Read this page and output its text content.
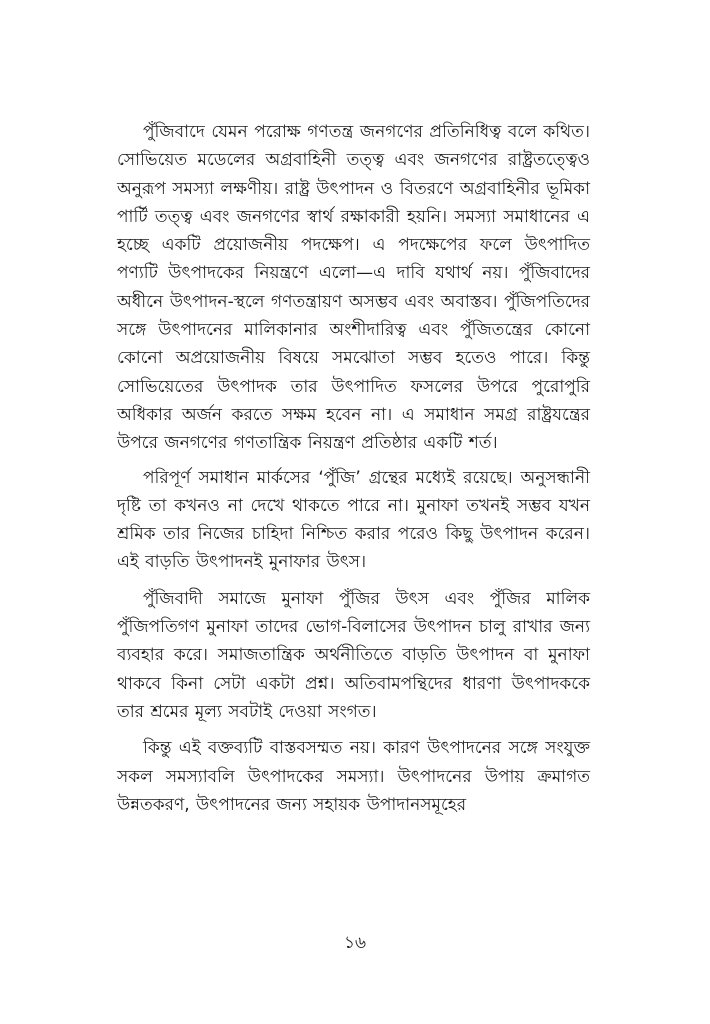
পুঁজিবাদে যেমন পরোক্ষ গণতন্ত্র জনগণের প্রতিনিধিত্ব বলে কথিত। সোভিয়েত মডেলের অগ্রবাহিনী তত্ত্ব এবং জনগণের রাষ্ট্রতত্ত্বেও অনুরূপ সমস্যা লক্ষণীয়। রাষ্ট্র উৎপাদন ও বিতরণে অগ্রবাহিনীর ভূমিকা পার্টি তত্ত্ব এবং জনগণের স্বার্থ রক্ষাকারী হয়নি। সমস্যা সমাধানের এ হচ্ছে একটি প্রয়োজনীয় পদক্ষেপ। এ পদক্ষেপের ফলে উৎপাদিত পণ্যটি উৎপাদকের নিয়ন্ত্রণে এলো—এ দাবি যথার্থ নয়। পুঁজিবাদের অধীনে উৎপাদন-স্থলে গণতন্ত্রায়ণ অসম্ভব এবং অবাস্তব। পুঁজিপতিদের সঙ্গে উৎপাদনের মালিকানার অংশীদারিত্ব এবং পুঁজিতন্ত্রের কোনো কোনো অপ্রয়োজনীয় বিষয়ে সমঝোতা সম্ভব হতেও পারে। কিন্তু সোভিয়েতের উৎপাদক তার উৎপাদিত ফসলের উপরে পুরোপুরি অধিকার অর্জন করতে সক্ষম হবেন না। এ সমাধান সমগ্র রাষ্ট্রযন্ত্রের উপরে জনগণের গণতান্ত্রিক নিয়ন্ত্রণ প্রতিষ্ঠার একটি শর্ত।

পরিপূর্ণ সমাধান মার্কসের ‘পুঁজি’ গ্রন্থের মধ্যেই রয়েছে। অনুসন্ধানী দৃষ্টি তা কখনও না দেখে থাকতে পারে না। মুনাফা তখনই সম্ভব যখন শ্রমিক তার নিজের চাহিদা নিশ্চিত করার পরেও কিছু উৎপাদন করেন। এই বাড়তি উৎপাদনই মুনাফার উৎস।

পুঁজিবাদী সমাজে মুনাফা পুঁজির উৎস এবং পুঁজির মালিক পুঁজিপতিগণ মুনাফা তাদের ভোগ-বিলাসের উৎপাদন চালু রাখার জন্য ব্যবহার করে। সমাজতান্ত্রিক অর্থনীতিতে বাড়তি উৎপাদন বা মুনাফা থাকবে কিনা সেটা একটা প্রশ্ন। অতিবামপন্থিদের ধারণা উৎপাদককে তার শ্রমের মূল্য সবটাই দেওয়া সংগত।

কিন্তু এই বক্তব্যটি বাস্তবসম্মত নয়। কারণ উৎপাদনের সঙ্গে সংযুক্ত সকল সমস্যাবলি উৎপাদকের সমস্যা। উৎপাদনের উপায় ক্রমাগত উন্নতকরণ, উৎপাদনের জন্য সহায়ক উপাদানসমূহের

১৬
